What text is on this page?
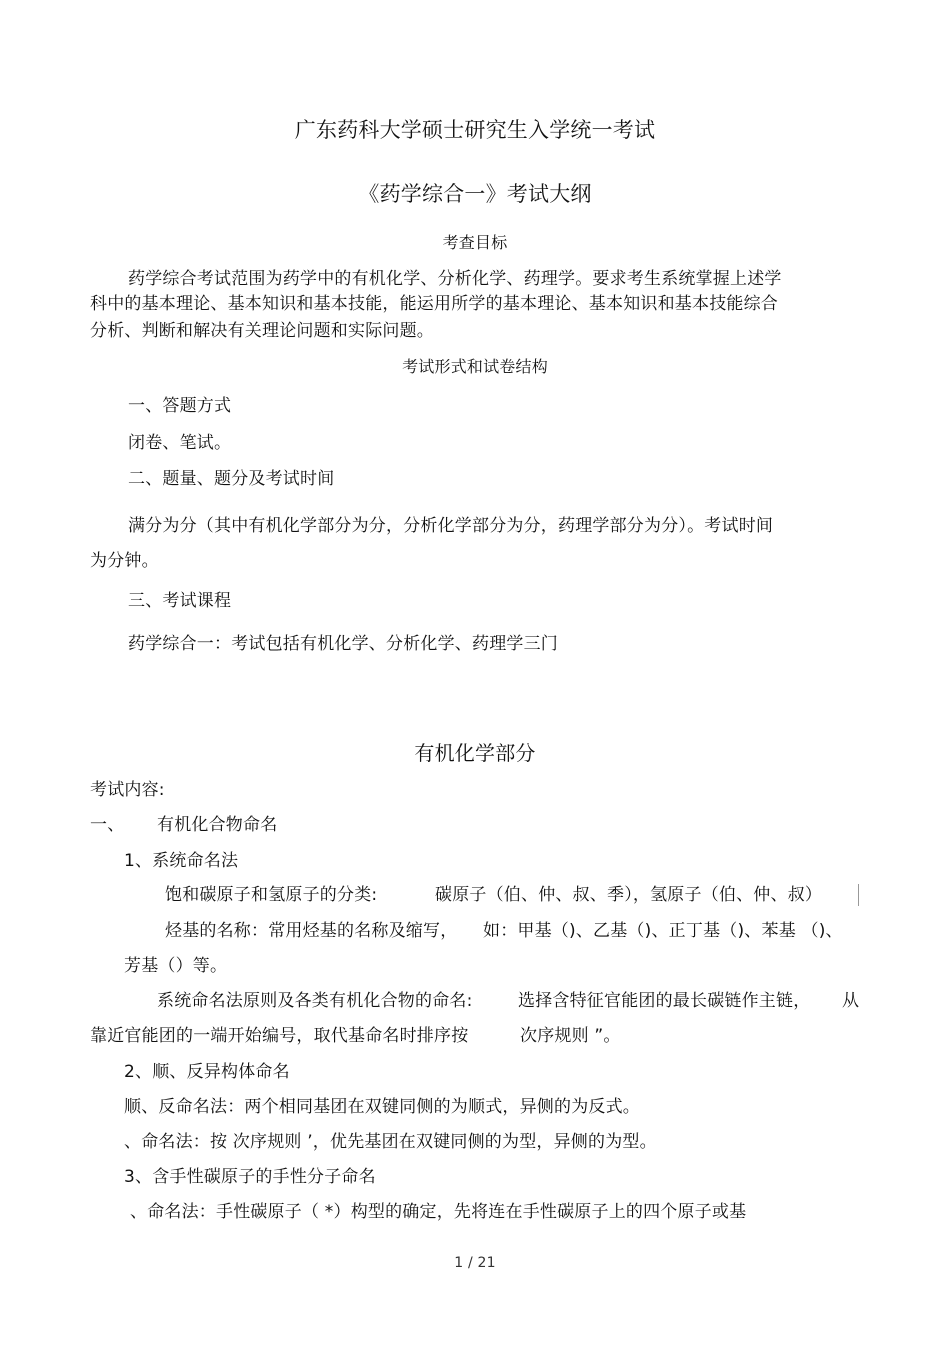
广东药科大学硕士研究生入学统一考试
《药学综合一》考试大纲
考查目标
药学综合考试范围为药学中的有机化学、分析化学、药理学。要求考生系统掌握上述学
科中的基本理论、基本知识和基本技能，能运用所学的基本理论、基本知识和基本技能综合
分析、判断和解决有关理论问题和实际问题。
考试形式和试卷结构
一、答题方式
闭卷、笔试。
二、题量、题分及考试时间
满分为分（其中有机化学部分为分，分析化学部分为分，药理学部分为分）。考试时间
为分钟。
三、考试课程
药学综合一：考试包括有机化学、分析化学、药理学三门
有机化学部分
考试内容:
一、 有机化合物命名
1、系统命名法
饱和碳原子和氢原子的分类:	碳原子（伯、仲、叔、季），氢原子（伯、仲、叔）
烃基的名称：常用烃基的名称及缩写， 如：甲基（)、乙基（)、正丁基（)、苯基 （)、
芳基（）等。
系统命名法原则及各类有机化合物的命名:	选择含特征官能团的最长碳链作主链， 从
靠近官能团的一端开始编号，取代基命名时排序按	次序规则 ”。
2、顺、反异构体命名
顺、反命名法：两个相同基团在双键同侧的为顺式，异侧的为反式。
、命名法：按 次序规则 ’，优先基团在双键同侧的为型，异侧的为型。
3、含手性碳原子的手性分子命名
、命名法：手性碳原子（ *）构型的确定，先将连在手性碳原子上的四个原子或基
1 / 21
